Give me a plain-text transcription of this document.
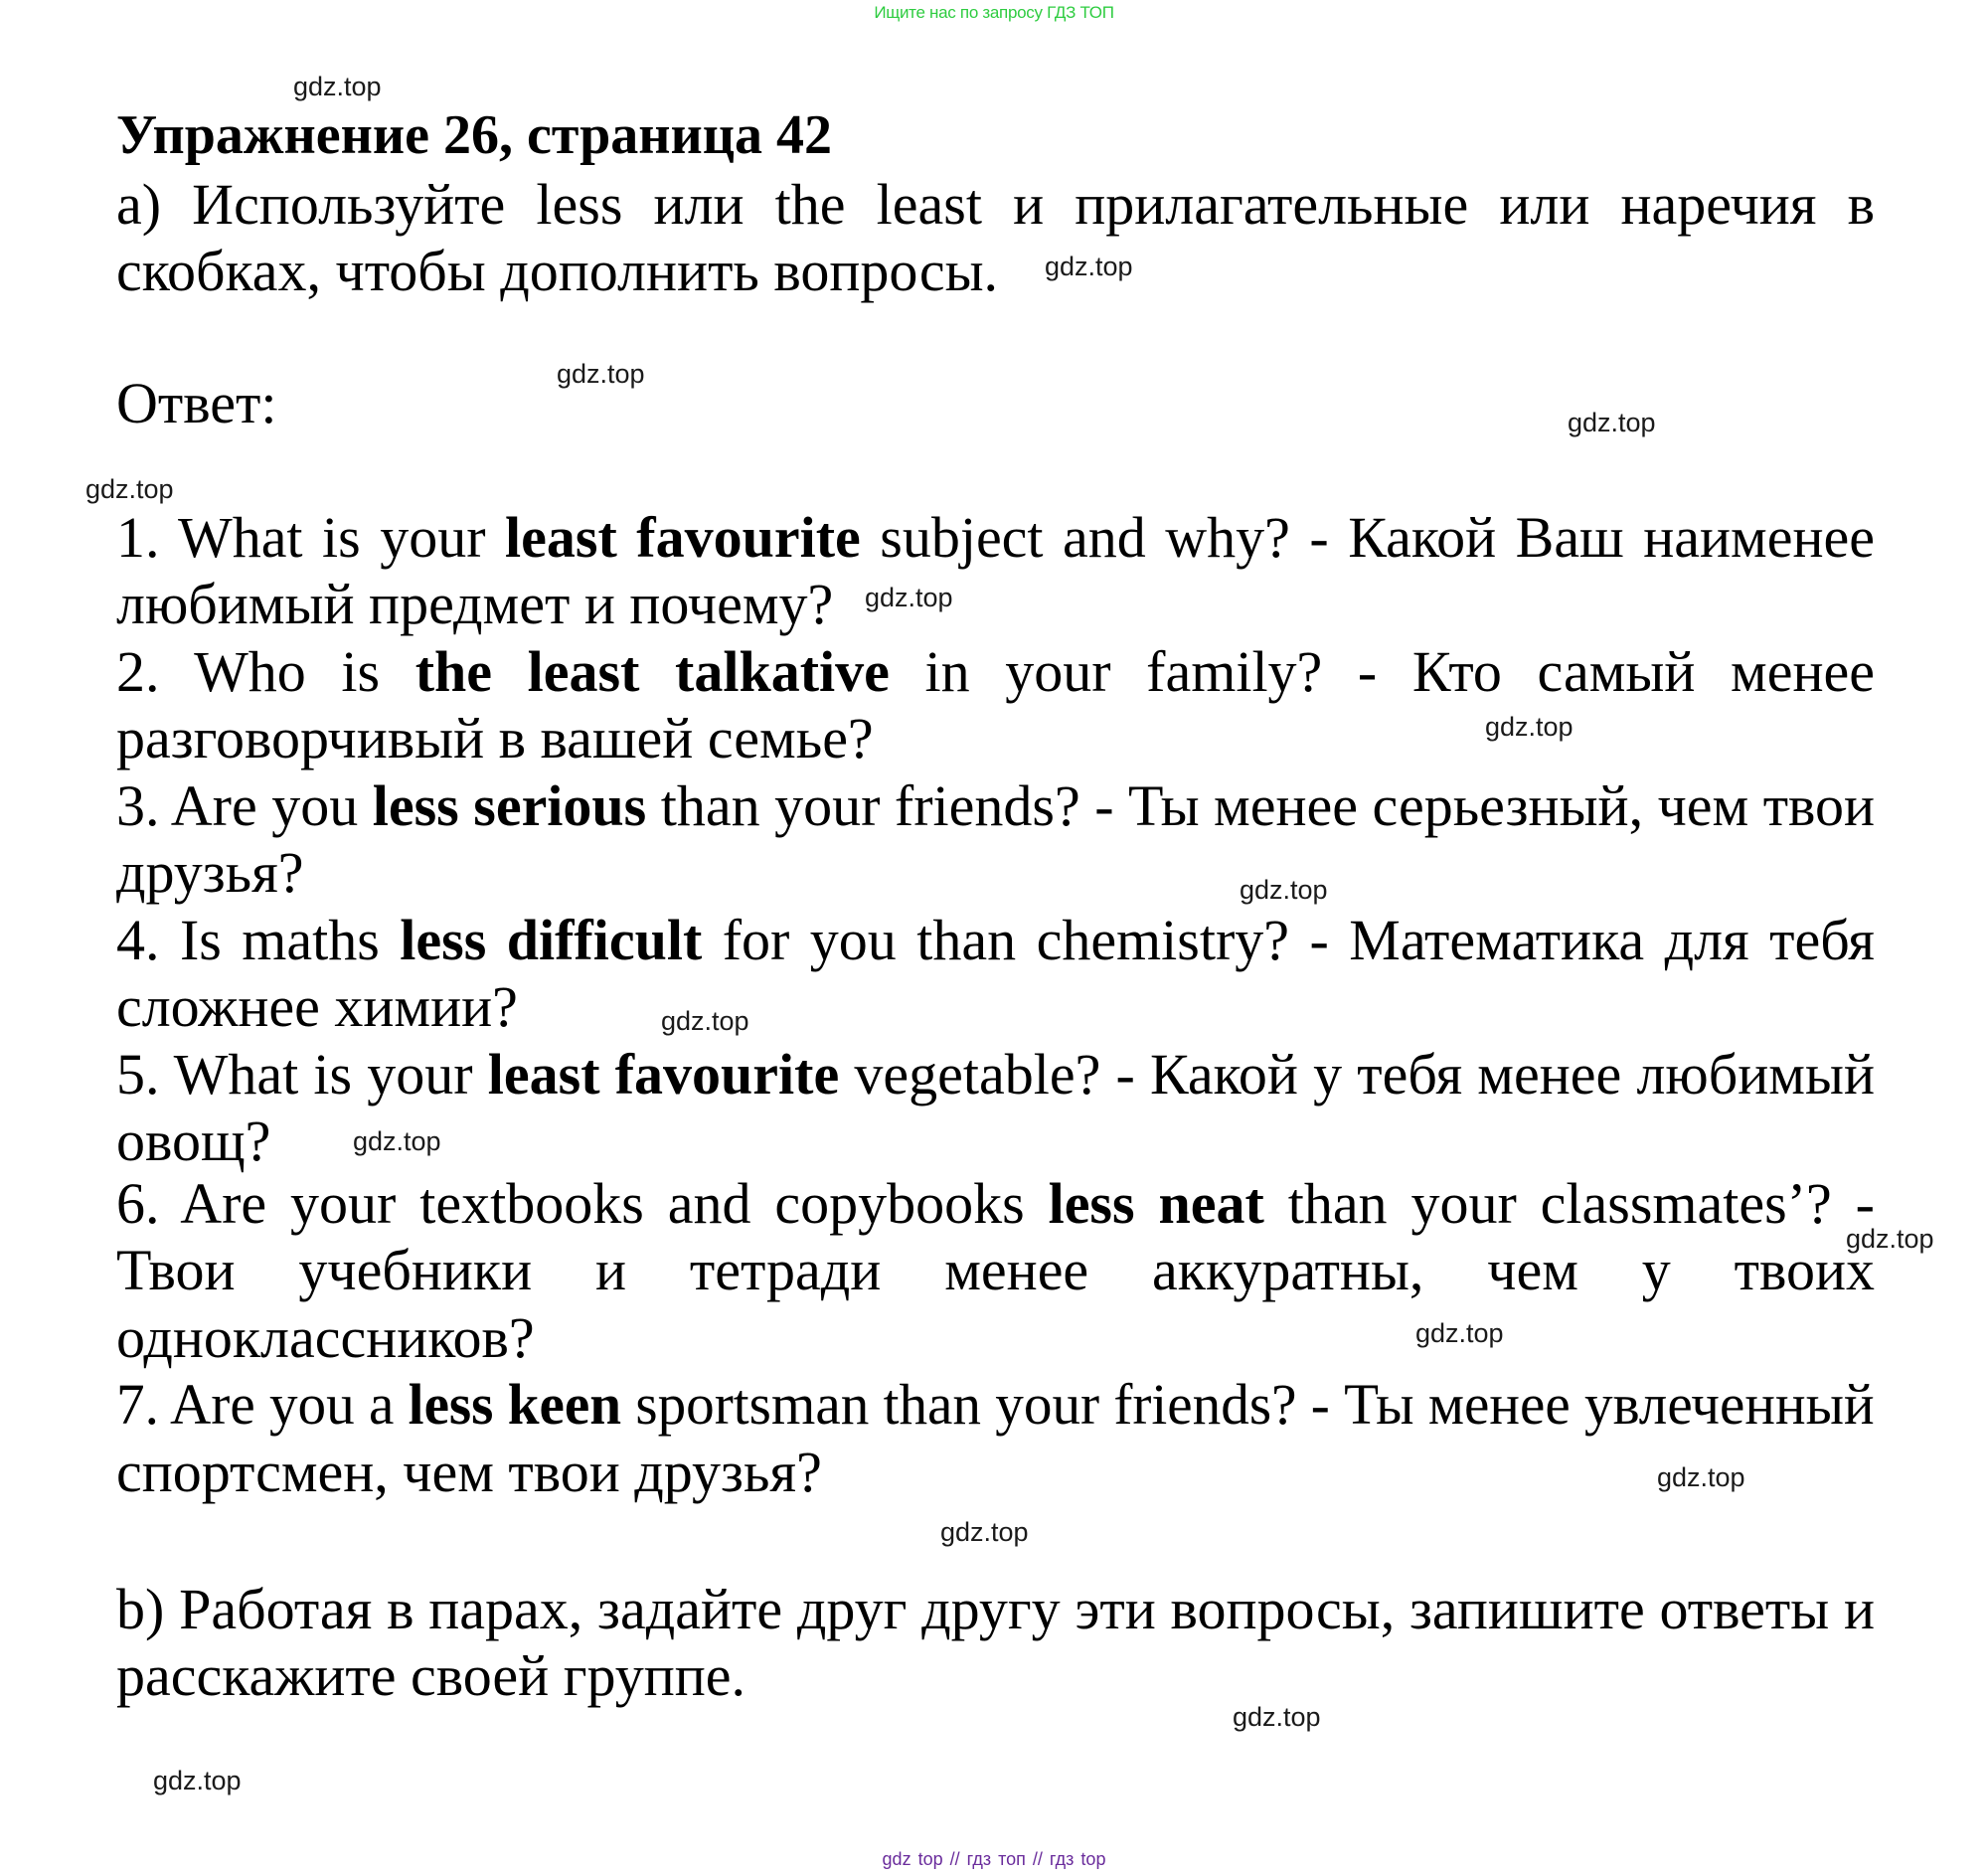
Ищите нас по запросу ГДЗ ТОП
Упражнение 26, страница 42
а) Используйте less или the least и прилагательные или наречия в
скобках, чтобы дополнить вопросы.
Ответ:
1. What is your least favourite subject and why? - Какой Ваш наименее
любимый предмет и почему?
2. Who is the least talkative in your family? - Кто самый менее
разговорчивый в вашей семье?
3. Are you less serious than your friends? - Ты менее серьезный, чем твои
друзья?
4. Is maths less difficult for you than chemistry? - Математика для тебя
сложнее химии?
5. What is your least favourite vegetable? - Какой у тебя менее любимый
овощ?
6. Are your textbooks and copybooks less neat than your classmates’? -
Твои учебники и тетради менее аккуратны, чем у твоих
одноклассников?
7. Are you a less keen sportsman than your friends? - Ты менее увлеченный
спортсмен, чем твои друзья?
b) Работая в парах, задайте друг другу эти вопросы, запишите ответы и
расскажите своей группе.
gdz.top
gdz.top
gdz.top
gdz.top
gdz.top
gdz.top
gdz.top
gdz.top
gdz.top
gdz.top
gdz.top
gdz.top
gdz.top
gdz.top
gdz.top
gdz.top
gdz top // гдз топ // гдз top
